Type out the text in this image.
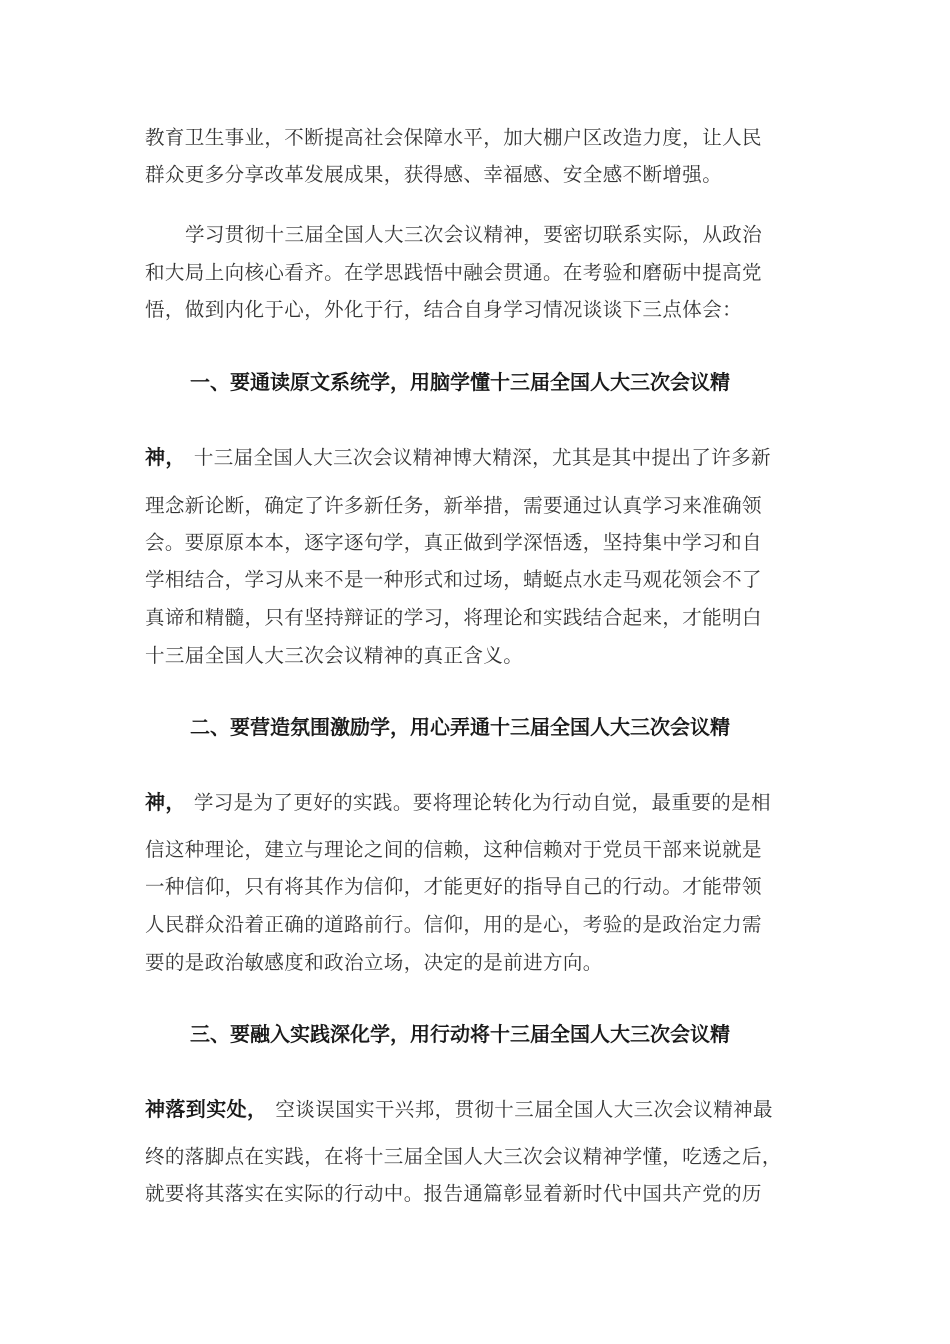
教育卫生事业，不断提高社会保障水平，加大棚户区改造力度，让人民
群众更多分享改革发展成果，获得感、幸福感、安全感不断增强。
学习贯彻十三届全国人大三次会议精神，要密切联系实际，从政治
和大局上向核心看齐。在学思践悟中融会贯通。在考验和磨砺中提高党
悟，做到内化于心，外化于行，结合自身学习情况谈谈下三点体会：
一、要通读原文系统学，用脑学懂十三届全国人大三次会议精
神， 十三届全国人大三次会议精神博大精深，尤其是其中提出了许多新
理念新论断，确定了许多新任务，新举措，需要通过认真学习来准确领
会。要原原本本，逐字逐句学，真正做到学深悟透，坚持集中学习和自
学相结合，学习从来不是一种形式和过场，蜻蜓点水走马观花领会不了
真谛和精髓，只有坚持辩证的学习，将理论和实践结合起来，才能明白
十三届全国人大三次会议精神的真正含义。
二、要营造氛围激励学，用心弄通十三届全国人大三次会议精
神， 学习是为了更好的实践。要将理论转化为行动自觉，最重要的是相
信这种理论，建立与理论之间的信赖，这种信赖对于党员干部来说就是
一种信仰，只有将其作为信仰，才能更好的指导自己的行动。才能带领
人民群众沿着正确的道路前行。信仰，用的是心，考验的是政治定力需
要的是政治敏感度和政治立场，决定的是前进方向。
三、要融入实践深化学，用行动将十三届全国人大三次会议精
神落到实处， 空谈误国实干兴邦，贯彻十三届全国人大三次会议精神最
终的落脚点在实践，在将十三届全国人大三次会议精神学懂，吃透之后，
就要将其落实在实际的行动中。报告通篇彰显着新时代中国共产党的历
